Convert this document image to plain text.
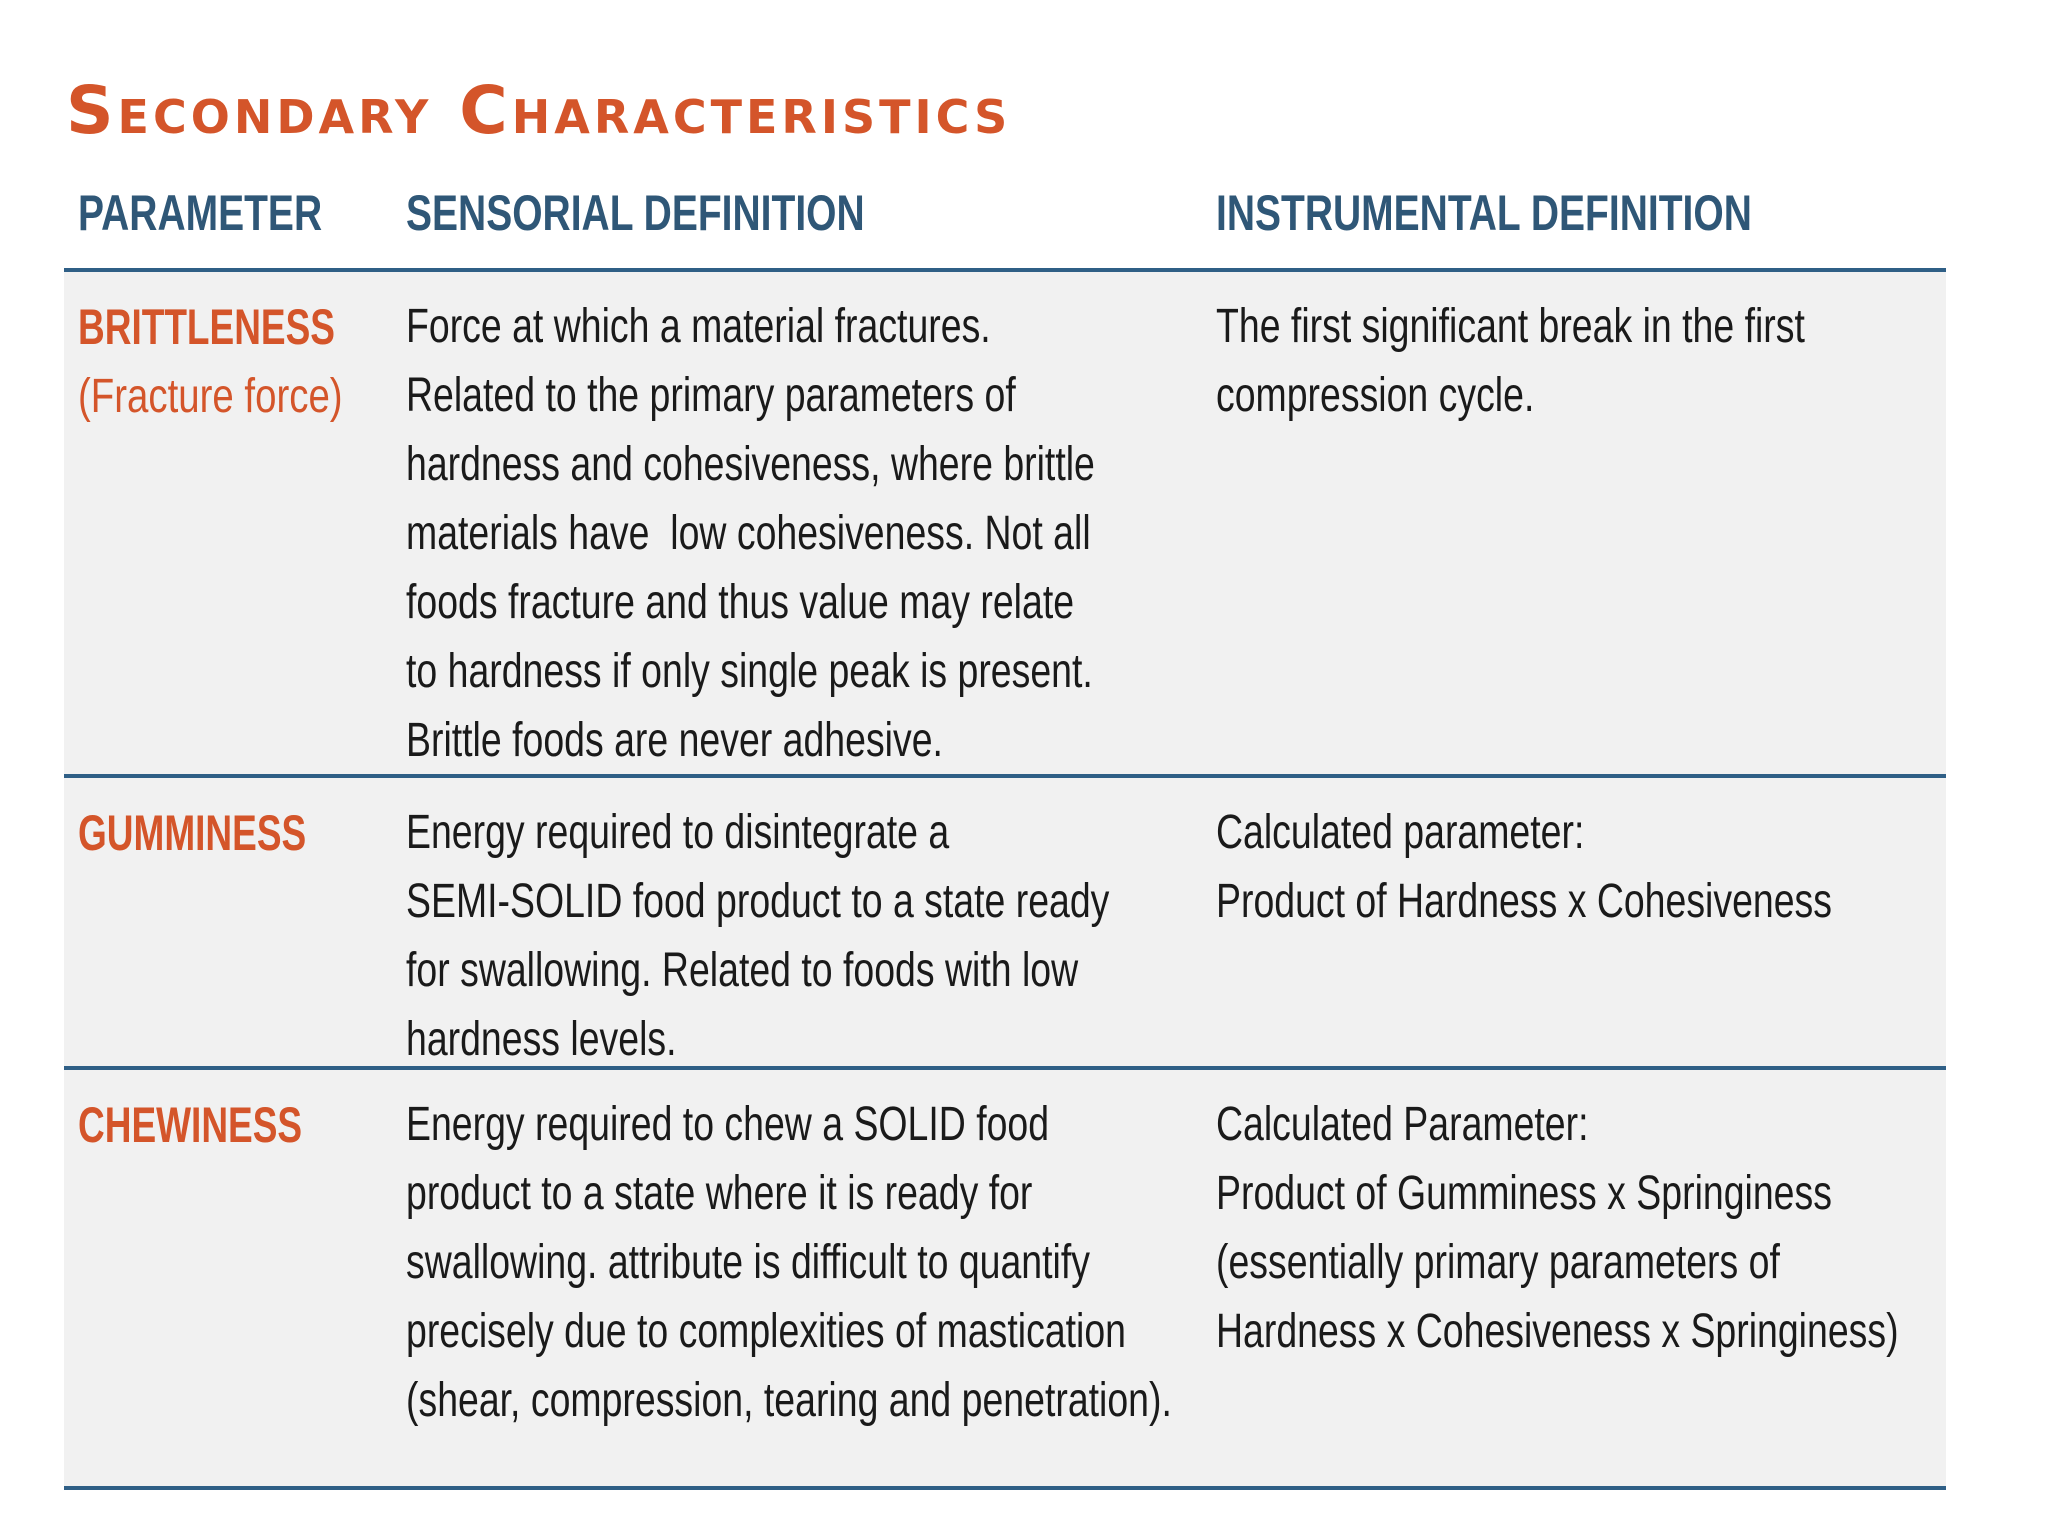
Secondary Characteristics
PARAMETER SENSORIAL DEFINITION	INSTRUMENTAL DEFINITION
BRITTLENESS
(Fracture force)
Force at which a material fractures.
Related to the primary parameters of
hardness and cohesiveness, where brittle
materials have  low cohesiveness. Not all
foods fracture and thus value may relate
to hardness if only single peak is present.
Brittle foods are never adhesive.
The first significant break in the first
compression cycle.
GUMMINESS Energy required to disintegrate a
SEMI-SOLID food product to a state ready
for swallowing. Related to foods with low
hardness levels.
Calculated parameter:
Product of Hardness x Cohesiveness
CHEWINESS Energy required to chew a SOLID food
product to a state where it is ready for
swallowing. attribute is difficult to quantify
precisely due to complexities of mastication
(shear, compression, tearing and penetration).
Calculated Parameter:
Product of Gumminess x Springiness
(essentially primary parameters of
Hardness x Cohesiveness x Springiness)
